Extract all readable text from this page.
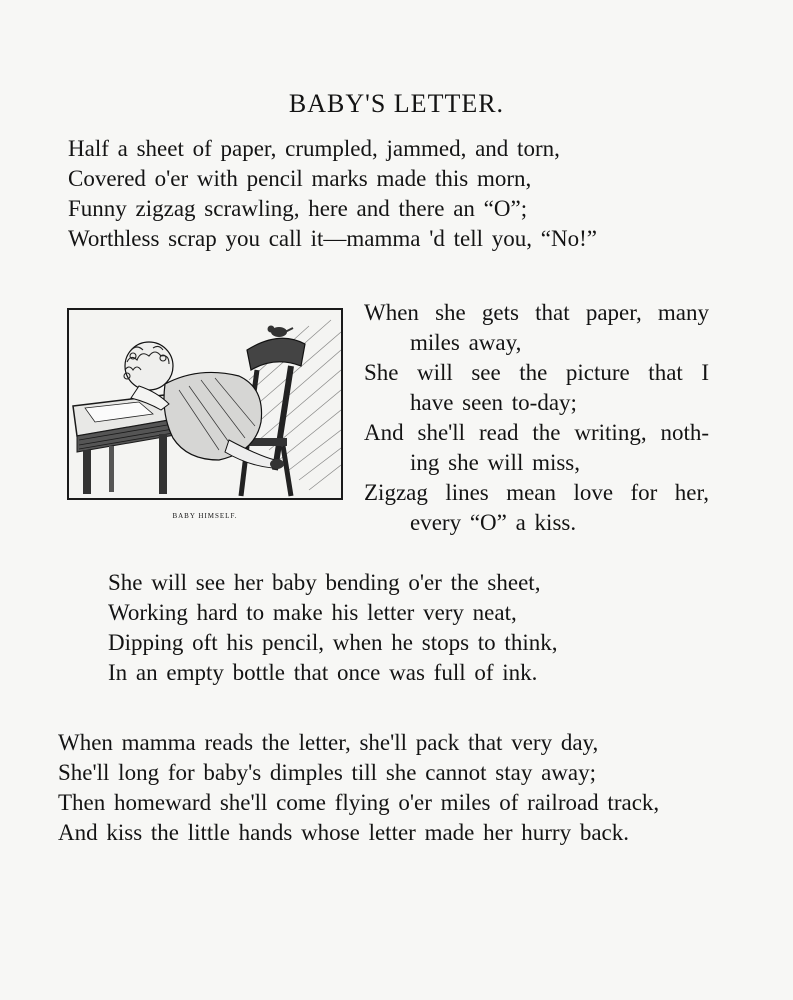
BABY'S LETTER.
Half a sheet of paper, crumpled, jammed, and torn,
Covered o'er with pencil marks made this morn,
Funny zigzag scrawling, here and there an “O”;
Worthless scrap you call it—mamma 'd tell you, “No!”
BABY HIMSELF.
When she gets that paper, many
miles away,
She will see the picture that I
have seen to-day;
And she'll read the writing, noth-
ing she will miss,
Zigzag lines mean love for her,
every “O” a kiss.
She will see her baby bending o'er the sheet,
Working hard to make his letter very neat,
Dipping oft his pencil, when he stops to think,
In an empty bottle that once was full of ink.
When mamma reads the letter, she'll pack that very day,
She'll long for baby's dimples till she cannot stay away;
Then homeward she'll come flying o'er miles of railroad track,
And kiss the little hands whose letter made her hurry back.
